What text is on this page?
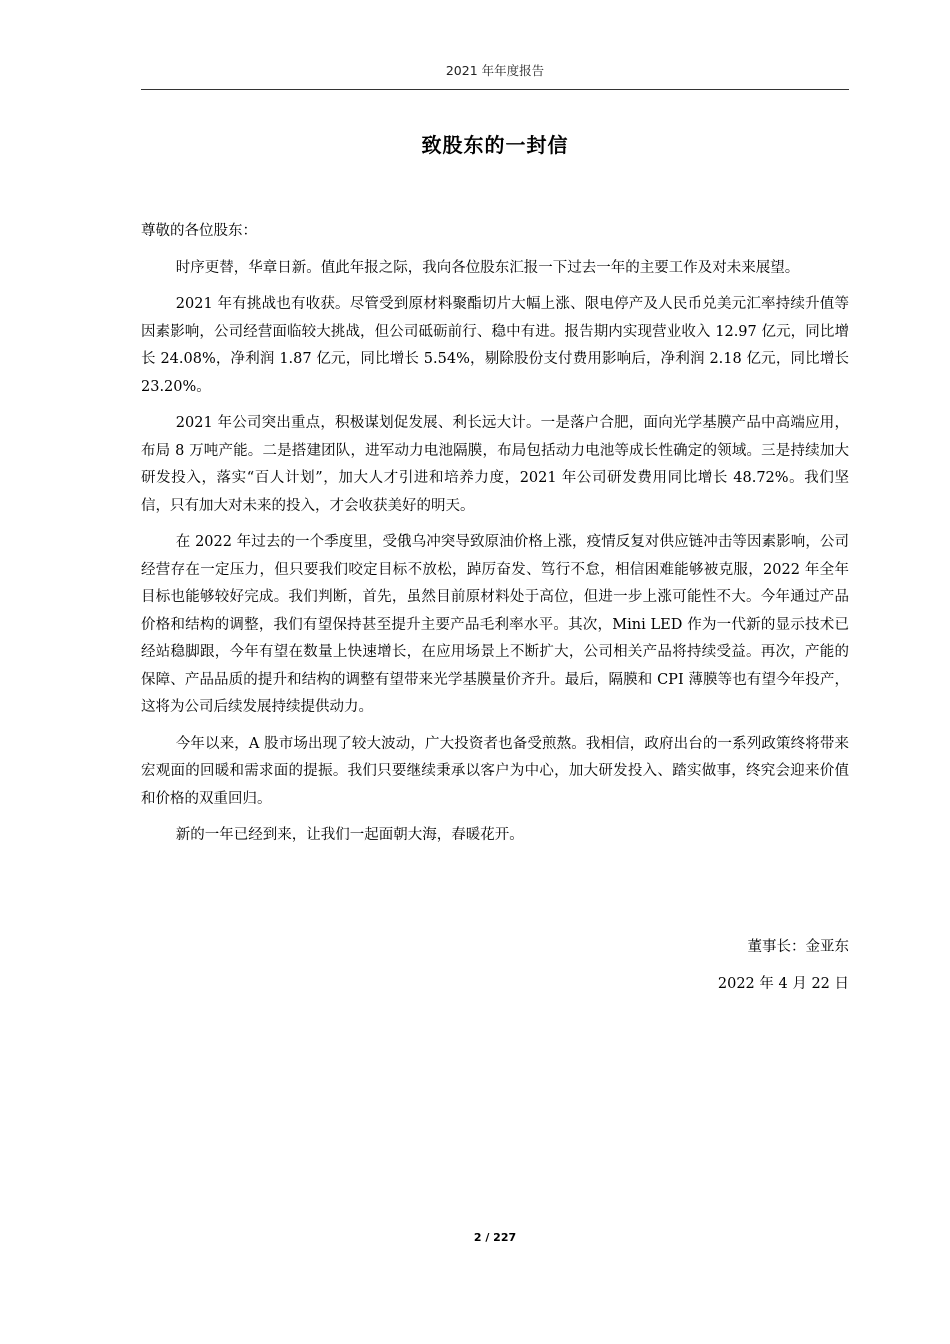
2021 年年度报告
致股东的一封信

尊敬的各位股东：

时序更替，华章日新。值此年报之际，我向各位股东汇报一下过去一年的主要工作及对未来展望。

2021 年有挑战也有收获。尽管受到原材料聚酯切片大幅上涨、限电停产及人民币兑美元汇率持续升值等因素影响，公司经营面临较大挑战，但公司砥砺前行、稳中有进。报告期内实现营业收入 12.97 亿元，同比增长 24.08%，净利润 1.87 亿元，同比增长 5.54%，剔除股份支付费用影响后，净利润 2.18 亿元，同比增长 23.20%。

2021 年公司突出重点，积极谋划促发展、利长远大计。一是落户合肥，面向光学基膜产品中高端应用，布局 8 万吨产能。二是搭建团队，进军动力电池隔膜，布局包括动力电池等成长性确定的领域。三是持续加大研发投入，落实“百人计划”，加大人才引进和培养力度，2021 年公司研发费用同比增长 48.72%。我们坚信，只有加大对未来的投入，才会收获美好的明天。

在 2022 年过去的一个季度里，受俄乌冲突导致原油价格上涨，疫情反复对供应链冲击等因素影响，公司经营存在一定压力，但只要我们咬定目标不放松，踔厉奋发、笃行不怠，相信困难能够被克服，2022 年全年目标也能够较好完成。我们判断，首先，虽然目前原材料处于高位，但进一步上涨可能性不大。今年通过产品价格和结构的调整，我们有望保持甚至提升主要产品毛利率水平。其次，Mini LED 作为一代新的显示技术已经站稳脚跟，今年有望在数量上快速增长，在应用场景上不断扩大，公司相关产品将持续受益。再次，产能的保障、产品品质的提升和结构的调整有望带来光学基膜量价齐升。最后，隔膜和 CPI 薄膜等也有望今年投产，这将为公司后续发展持续提供动力。

今年以来，A 股市场出现了较大波动，广大投资者也备受煎熬。我相信，政府出台的一系列政策终将带来宏观面的回暖和需求面的提振。我们只要继续秉承以客户为中心，加大研发投入、踏实做事，终究会迎来价值和价格的双重回归。

新的一年已经到来，让我们一起面朝大海，春暖花开。

董事长：金亚东
2022 年 4 月 22 日
2 / 227
